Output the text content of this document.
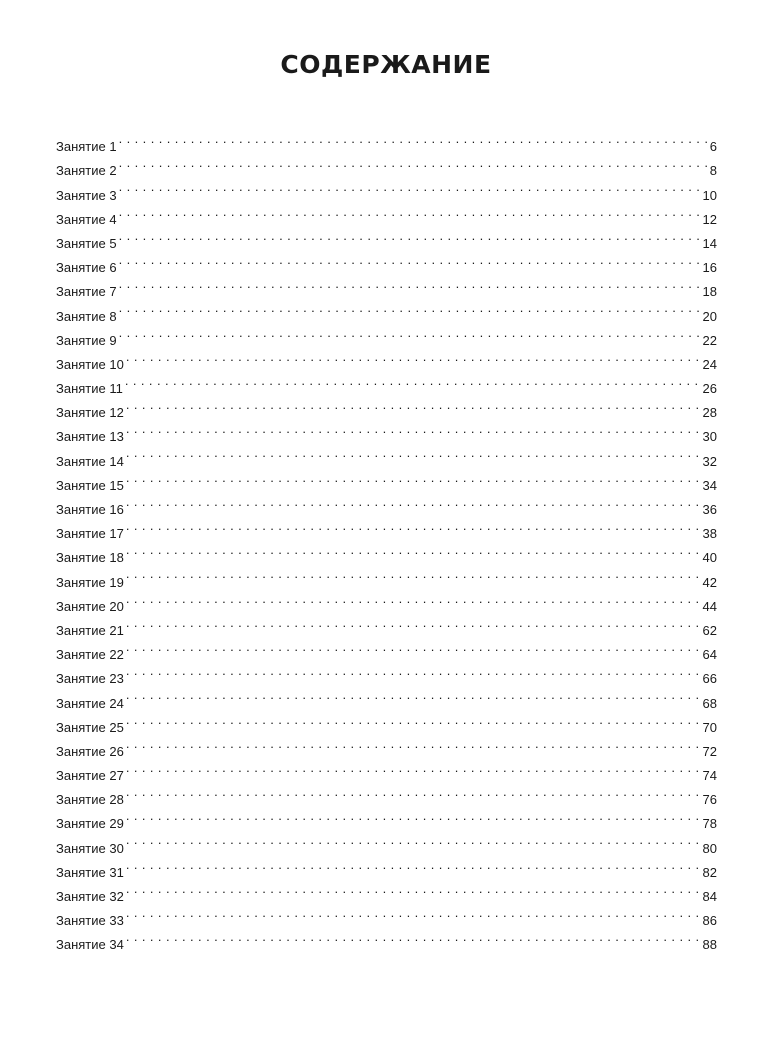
СОДЕРЖАНИЕ
Занятие 1 . . .	6
Занятие 2 . . .	8
Занятие 3 . . .	10
Занятие 4 . . .	12
Занятие 5 . . .	14
Занятие 6 . . .	16
Занятие 7 . . .	18
Занятие 8 . . .	20
Занятие 9 . . .	22
Занятие 10 . . .	24
Занятие 11 . . .	26
Занятие 12 . . .	28
Занятие 13 . . .	30
Занятие 14 . . .	32
Занятие 15 . . .	34
Занятие 16 . . .	36
Занятие 17 . . .	38
Занятие 18 . . .	40
Занятие 19 . . .	42
Занятие 20 . . .	44
Занятие 21 . . .	62
Занятие 22 . . .	64
Занятие 23 . . .	66
Занятие 24 . . .	68
Занятие 25 . . .	70
Занятие 26 . . .	72
Занятие 27 . . .	74
Занятие 28 . . .	76
Занятие 29 . . .	78
Занятие 30 . . .	80
Занятие 31 . . .	82
Занятие 32 . . .	84
Занятие 33 . . .	86
Занятие 34 . . .	88
